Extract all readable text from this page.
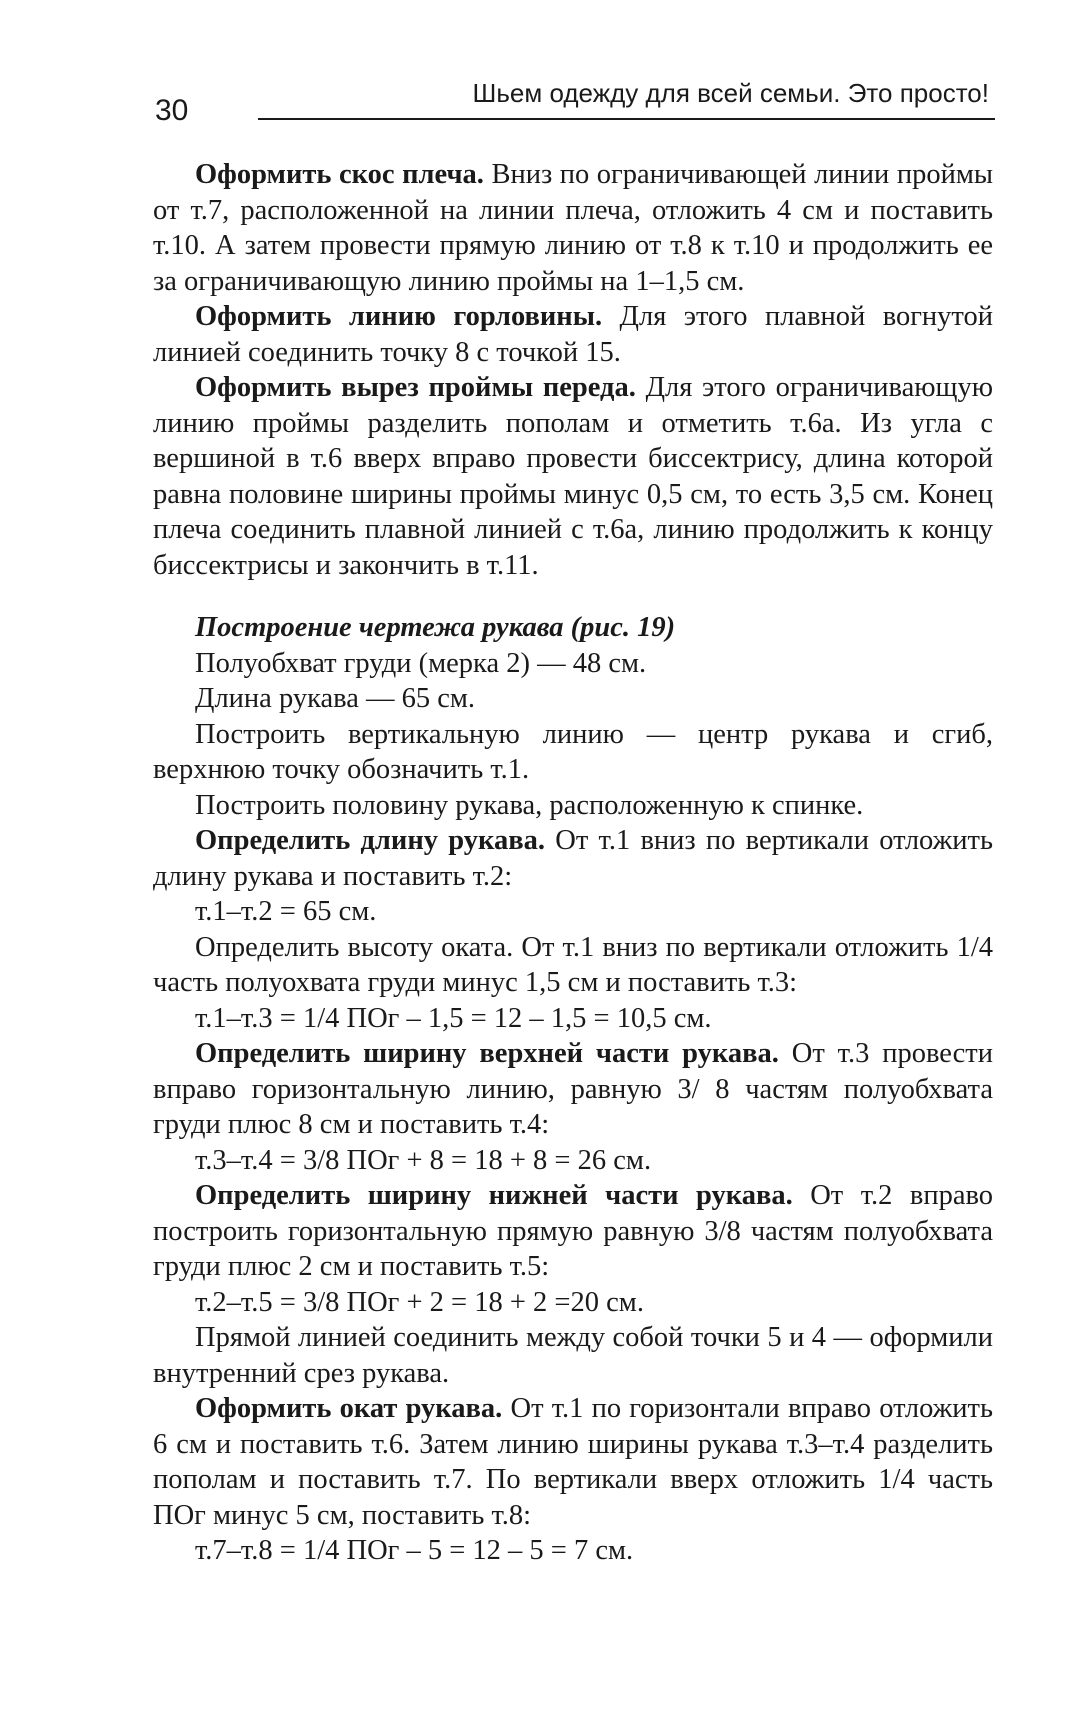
30
Шьем одежду для всей семьи. Это просто!

Оформить скос плеча. Вниз по ограничивающей линии проймы от т.7, расположенной на линии плеча, отложить 4 см и поставить т.10. А затем провести прямую линию от т.8 к т.10 и продолжить ее за ограничивающую линию проймы на 1–1,5 см.

Оформить линию горловины. Для этого плавной вогнутой линией соединить точку 8 с точкой 15.

Оформить вырез проймы переда. Для этого ограничивающую линию проймы разделить пополам и отметить т.6а. Из угла с вершиной в т.6 вверх вправо провести биссектрису, длина которой равна половине ширины проймы минус 0,5 см, то есть 3,5 см. Конец плеча соединить плавной линией с т.6а, линию продолжить к концу биссектрисы и закончить в т.11.

Построение чертежа рукава (рис. 19)

Полуобхват груди (мерка 2) — 48 см.

Длина рукава — 65 см.

Построить вертикальную линию — центр рукава и сгиб, верхнюю точку обозначить т.1.

Построить половину рукава, расположенную к спинке.

Определить длину рукава. От т.1 вниз по вертикали отложить длину рукава и поставить т.2:

т.1–т.2 = 65 см.

Определить высоту оката. От т.1 вниз по вертикали отложить 1/4 часть полуохвата груди минус 1,5 см и поставить т.3:

т.1–т.3 = 1/4 ПОг – 1,5 = 12 – 1,5 = 10,5 см.

Определить ширину верхней части рукава. От т.3 провести вправо горизонтальную линию, равную 3/ 8 частям полуобхвата груди плюс 8 см и поставить т.4:

т.3–т.4 = 3/8 ПОг + 8 = 18 + 8 = 26 см.

Определить ширину нижней части рукава. От т.2 вправо построить горизонтальную прямую равную 3/8 частям полуобхвата груди плюс 2 см и поставить т.5:

т.2–т.5 = 3/8 ПОг + 2 = 18 + 2 =20 см.

Прямой линией соединить между собой точки 5 и 4 — оформили внутренний срез рукава.

Оформить окат рукава. От т.1 по горизонтали вправо отложить 6 см и поставить т.6. Затем линию ширины рукава т.3–т.4 разделить пополам и поставить т.7. По вертикали вверх отложить 1/4 часть ПОг минус 5 см, поставить т.8:

т.7–т.8 = 1/4 ПОг – 5 = 12 – 5 = 7 см.
